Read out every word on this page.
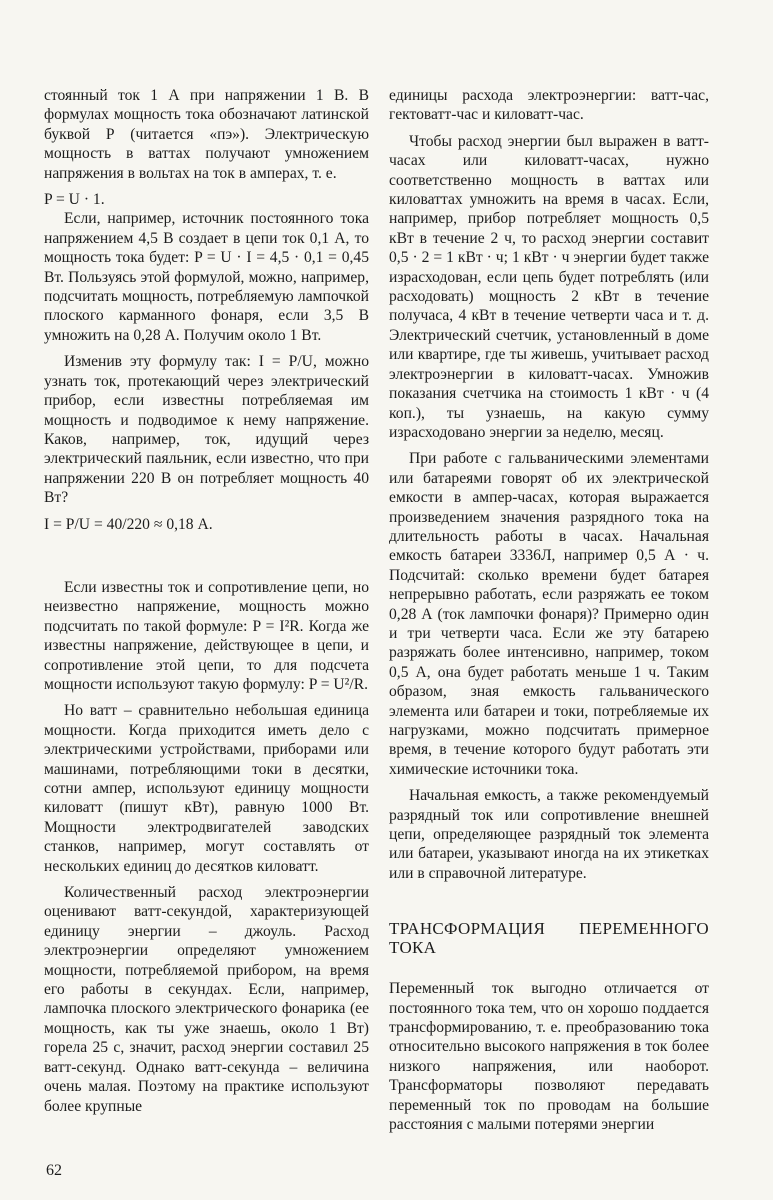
стоянный ток 1 А при напряжении 1 В. В формулах мощность тока обозначают латинской буквой Р (читается «пэ»). Электрическую мощность в ваттах получают умножением напряжения в вольтах на ток в амперах, т. е.

P = U · 1.

Если, например, источник постоянного тока напряжением 4,5 В создает в цепи ток 0,1 А, то мощность тока будет: P = U · I = 4,5 · 0,1 = 0,45 Вт. Пользуясь этой формулой, можно, например, подсчитать мощность, потребляемую лампочкой плоского карманного фонаря, если 3,5 В умножить на 0,28 А. Получим около 1 Вт.

Изменив эту формулу так: I = P/U, можно узнать ток, протекающий через электрический прибор, если известны потребляемая им мощность и подводимое к нему напряжение. Каков, например, ток, идущий через электрический паяльник, если известно, что при напряжении 220 В он потребляет мощность 40 Вт?

I = P/U = 40/220 ≈ 0,18 А.

Если известны ток и сопротивление цепи, но неизвестно напряжение, мощность можно подсчитать по такой формуле: P = I²R. Когда же известны напряжение, действующее в цепи, и сопротивление этой цепи, то для подсчета мощности используют такую формулу: P = U²/R.

Но ватт – сравнительно небольшая единица мощности. Когда приходится иметь дело с электрическими устройствами, приборами или машинами, потребляющими токи в десятки, сотни ампер, используют единицу мощности киловатт (пишут кВт), равную 1000 Вт. Мощности электродвигателей заводских станков, например, могут составлять от нескольких единиц до десятков киловатт.

Количественный расход электроэнергии оценивают ватт-секундой, характеризующей единицу энергии – джоуль. Расход электроэнергии определяют умножением мощности, потребляемой прибором, на время его работы в секундах. Если, например, лампочка плоского электрического фонарика (ее мощность, как ты уже знаешь, около 1 Вт) горела 25 с, значит, расход энергии составил 25 ватт-секунд. Однако ватт-секунда – величина очень малая. Поэтому на практике используют более крупные

единицы расхода электроэнергии: ватт-час, гектоватт-час и киловатт-час.

Чтобы расход энергии был выражен в ватт-часах или киловатт-часах, нужно соответственно мощность в ваттах или киловаттах умножить на время в часах. Если, например, прибор потребляет мощность 0,5 кВт в течение 2 ч, то расход энергии составит 0,5 · 2 = 1 кВт · ч; 1 кВт · ч энергии будет также израсходован, если цепь будет потреблять (или расходовать) мощность 2 кВт в течение получаса, 4 кВт в течение четверти часа и т. д. Электрический счетчик, установленный в доме или квартире, где ты живешь, учитывает расход электроэнергии в киловатт-часах. Умножив показания счетчика на стоимость 1 кВт · ч (4 коп.), ты узнаешь, на какую сумму израсходовано энергии за неделю, месяц.

При работе с гальваническими элементами или батареями говорят об их электрической емкости в ампер-часах, которая выражается произведением значения разрядного тока на длительность работы в часах. Начальная емкость батареи 3336Л, например 0,5 А · ч. Подсчитай: сколько времени будет батарея непрерывно работать, если разряжать ее током 0,28 А (ток лампочки фонаря)? Примерно один и три четверти часа. Если же эту батарею разряжать более интенсивно, например, током 0,5 А, она будет работать меньше 1 ч. Таким образом, зная емкость гальванического элемента или батареи и токи, потребляемые их нагрузками, можно подсчитать примерное время, в течение которого будут работать эти химические источники тока.

Начальная емкость, а также рекомендуемый разрядный ток или сопротивление внешней цепи, определяющее разрядный ток элемента или батареи, указывают иногда на их этикетках или в справочной литературе.

ТРАНСФОРМАЦИЯ ПЕРЕМЕННОГО ТОКА

Переменный ток выгодно отличается от постоянного тока тем, что он хорошо поддается трансформированию, т. е. преобразованию тока относительно высокого напряжения в ток более низкого напряжения, или наоборот. Трансформаторы позволяют передавать переменный ток по проводам на большие расстояния с малыми потерями энергии

62
